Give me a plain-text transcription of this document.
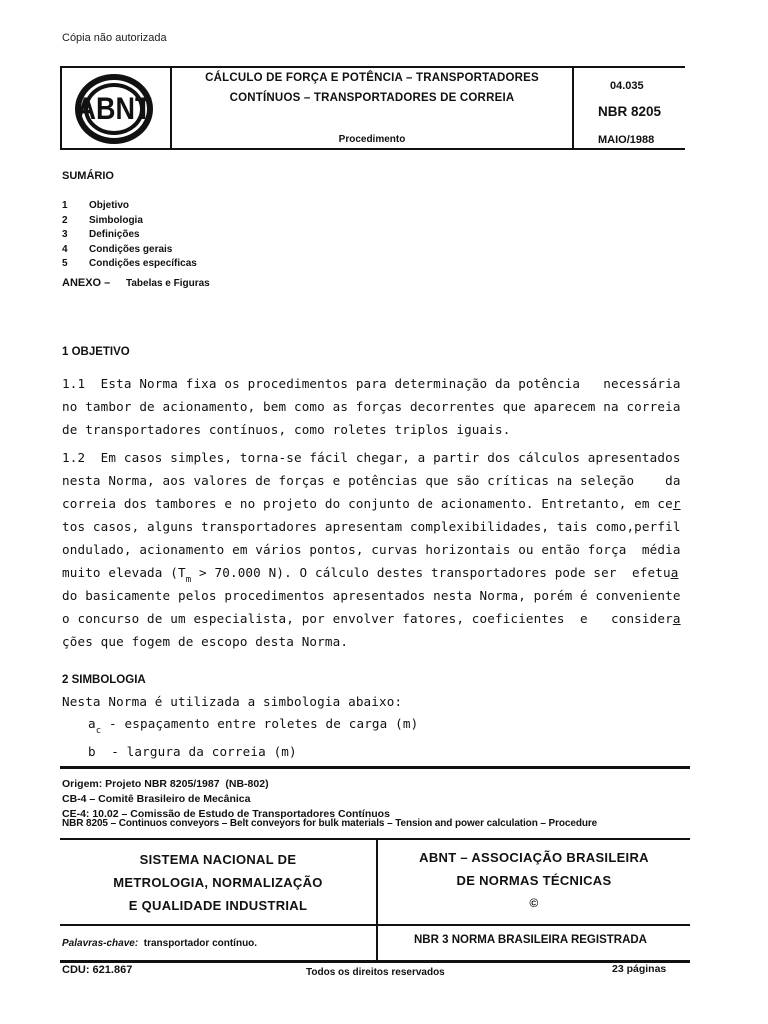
Cópia não autorizada
ABNT
CÁLCULO DE FORÇA E POTÊNCIA – TRANSPORTADORES
CONTÍNUOS – TRANSPORTADORES DE CORREIA
Procedimento
04.035
NBR 8205
MAIO/1988
SUMÁRIO
1 Objetivo
2 Simbologia
3 Definições
4 Condições gerais
5 Condições específicas
ANEXO – Tabelas e Figuras
1 OBJETIVO
1.1  Esta Norma fixa os procedimentos para determinação da potência   necessária
no tambor de acionamento, bem como as forças decorrentes que aparecem na correia
de transportadores contínuos, como roletes triplos iguais.
1.2  Em casos simples, torna-se fácil chegar, a partir dos cálculos apresentados
nesta Norma, aos valores de forças e potências que são críticas na seleção    da
correia dos tambores e no projeto do conjunto de acionamento. Entretanto, em cer
tos casos, alguns transportadores apresentam complexibilidades, tais como,perfil
ondulado, acionamento em vários pontos, curvas horizontais ou então força  média
muito elevada ($T_m > 70.000$ N). O cálculo destes transportadores pode ser  efetua
do basicamente pelos procedimentos apresentados nesta Norma, porém é conveniente
o concurso de um especialista, por envolver fatores, coeficientes  e   considera
ções que fogem de escopo desta Norma.
2 SIMBOLOGIA
Nesta Norma é utilizada a simbologia abaixo:
$a_c$ - espaçamento entre roletes de carga (m)
b  - largura da correia (m)
Origem: Projeto NBR 8205/1987  (NB-802)
CB-4 – Comitê Brasileiro de Mecânica
CE-4: 10.02 – Comissão de Estudo de Transportadores Contínuos
NBR 8205 – Continuos conveyors – Belt conveyors for bulk materials – Tension and power calculation – Procedure
SISTEMA NACIONAL DE
METROLOGIA, NORMALIZAÇÃO
E QUALIDADE INDUSTRIAL
ABNT – ASSOCIAÇÃO BRASILEIRA
DE NORMAS TÉCNICAS
©
Palavras-chave: transportador contínuo.	NBR 3 NORMA BRASILEIRA REGISTRADA
CDU: 621.867	Todos os direitos reservados	23 páginas
